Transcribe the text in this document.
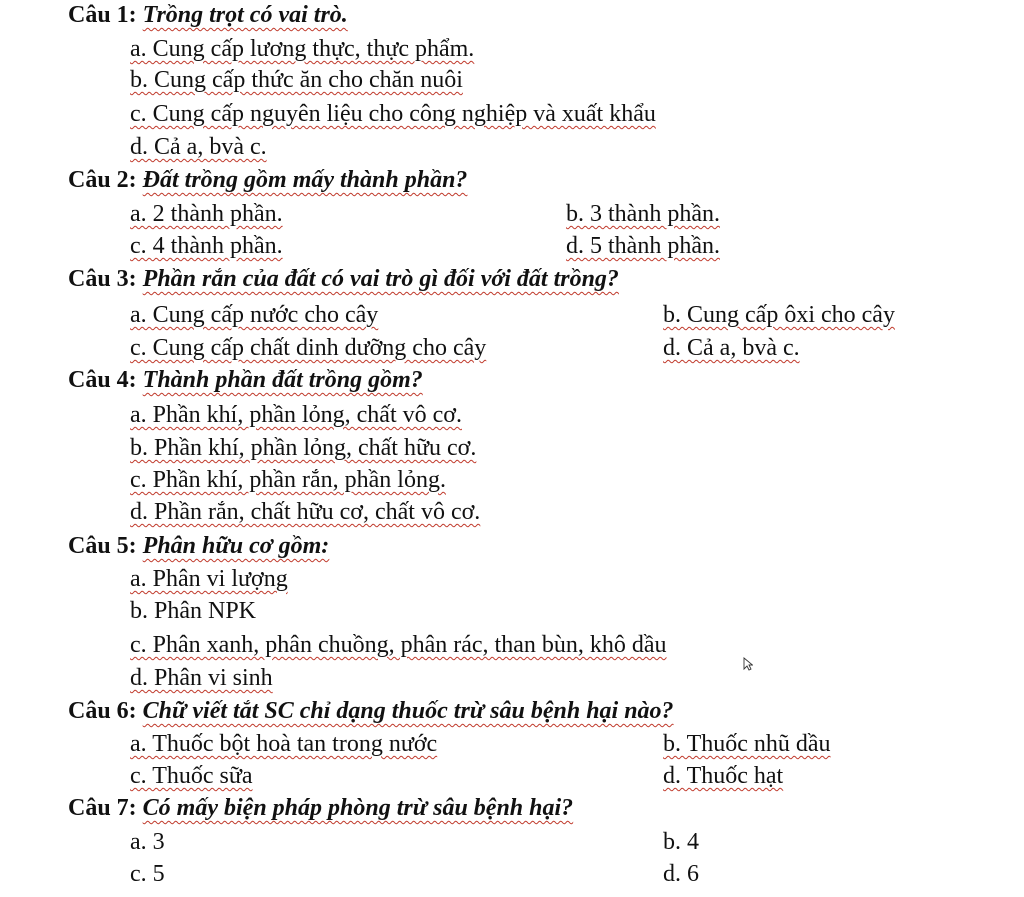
Câu 1: Trồng trọt có vai trò.
a. Cung cấp lương thực, thực phẩm.
b. Cung cấp thức ăn cho chăn nuôi
c. Cung cấp nguyên liệu cho công nghiệp và xuất khẩu
d. Cả a, bvà c.
Câu 2: Đất trồng gồm mấy thành phần?
a. 2 thành phần.	b. 3 thành phần.
c. 4 thành phần.	d. 5 thành phần.
Câu 3: Phần rắn của đất có vai trò gì đối với đất trồng?
a. Cung cấp nước cho cây	b. Cung cấp ôxi cho cây
c. Cung cấp chất dinh dưỡng cho cây	d. Cả a, bvà c.
Câu 4: Thành phần đất trồng gồm?
a. Phần khí, phần lỏng, chất vô cơ.
b. Phần khí, phần lỏng, chất hữu cơ.
c. Phần khí, phần rắn, phần lỏng.
d. Phần rắn, chất hữu cơ, chất vô cơ.
Câu 5: Phân hữu cơ gồm:
a. Phân vi lượng
b. Phân NPK
c. Phân xanh, phân chuồng, phân rác, than bùn, khô dầu
d. Phân vi sinh
Câu 6: Chữ viết tắt SC chỉ dạng thuốc trừ sâu bệnh hại nào?
a. Thuốc bột hoà tan trong nước	b. Thuốc nhũ dầu
c. Thuốc sữa	d. Thuốc hạt
Câu 7: Có mấy biện pháp phòng trừ sâu bệnh hại?
a. 3	b. 4
c. 5	d. 6
